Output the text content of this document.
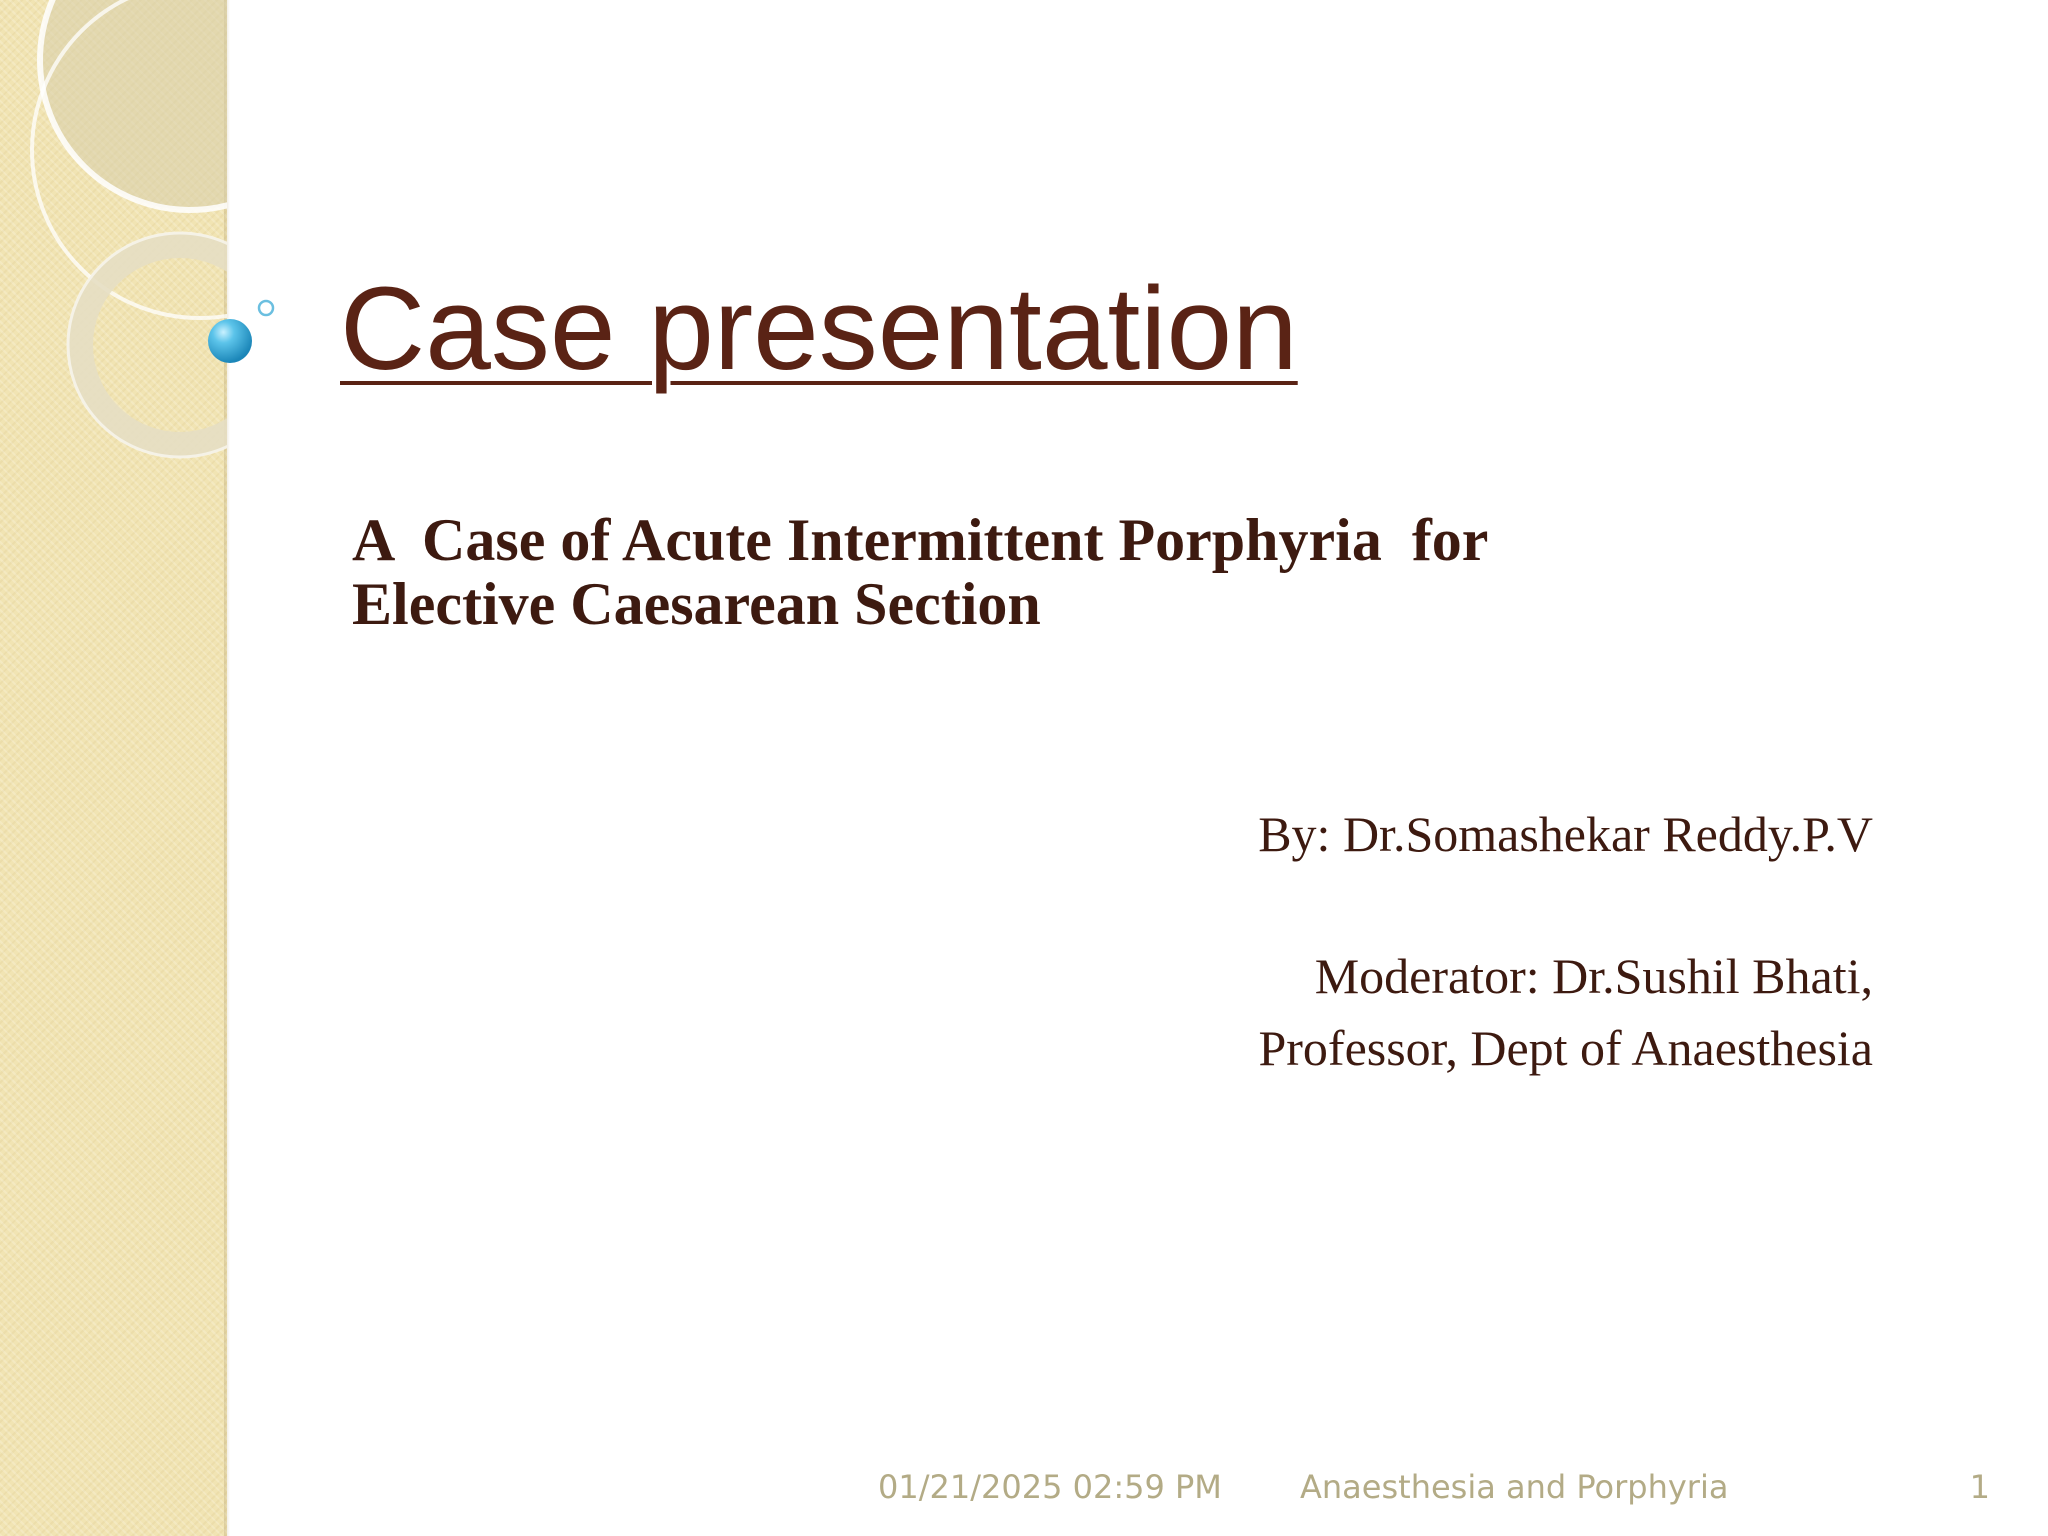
Case presentation
A  Case of Acute Intermittent Porphyria  for
Elective Caesarean Section
By: Dr.Somashekar Reddy.P.V
Moderator: Dr.Sushil Bhati,
Professor, Dept of Anaesthesia
01/21/2025 02:59 PM Anaesthesia and Porphyria	1
